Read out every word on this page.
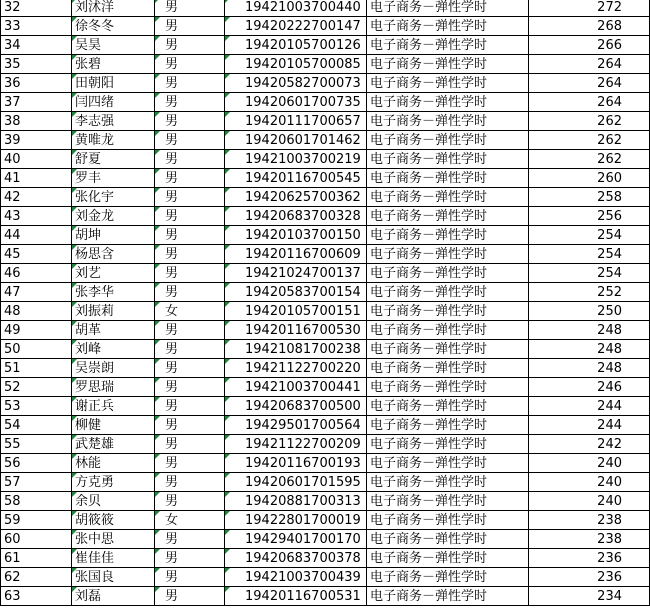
32	刘沭洋	男	19421003700440	电子商务－弹性学时	272
33	徐冬冬	男	19420222700147	电子商务－弹性学时	268
34	吴昊	男	19420105700126	电子商务－弹性学时	266
35	张碧	男	19420105700085	电子商务－弹性学时	264
36	田朝阳	男	19420582700073	电子商务－弹性学时	264
37	闫四绪	男	19420601700735	电子商务－弹性学时	264
38	李志强	男	19420111700657	电子商务－弹性学时	262
39	黄唯龙	男	19420601701462	电子商务－弹性学时	262
40	舒夏	男	19421003700219	电子商务－弹性学时	262
41	罗丰	男	19420116700545	电子商务－弹性学时	260
42	张化宇	男	19420625700362	电子商务－弹性学时	258
43	刘金龙	男	19420683700328	电子商务－弹性学时	256
44	胡坤	男	19420103700150	电子商务－弹性学时	254
45	杨思含	男	19420116700609	电子商务－弹性学时	254
46	刘艺	男	19421024700137	电子商务－弹性学时	254
47	张李华	男	19420583700154	电子商务－弹性学时	252
48	刘振莉	女	19420105700151	电子商务－弹性学时	250
49	胡革	男	19420116700530	电子商务－弹性学时	248
50	刘峰	男	19421081700238	电子商务－弹性学时	248
51	吴崇朗	男	19421122700220	电子商务－弹性学时	248
52	罗思瑞	男	19421003700441	电子商务－弹性学时	246
53	谢正兵	男	19420683700500	电子商务－弹性学时	244
54	柳健	男	19429501700564	电子商务－弹性学时	244
55	武楚雄	男	19421122700209	电子商务－弹性学时	242
56	林能	男	19420116700193	电子商务－弹性学时	240
57	方克勇	男	19420601701595	电子商务－弹性学时	240
58	余贝	男	19420881700313	电子商务－弹性学时	240
59	胡筱筱	女	19422801700019	电子商务－弹性学时	238
60	张中思	男	19429401700170	电子商务－弹性学时	238
61	崔佳佳	男	19420683700378	电子商务－弹性学时	236
62	张国良	男	19421003700439	电子商务－弹性学时	236
63	刘磊	男	19420116700531	电子商务－弹性学时	234
